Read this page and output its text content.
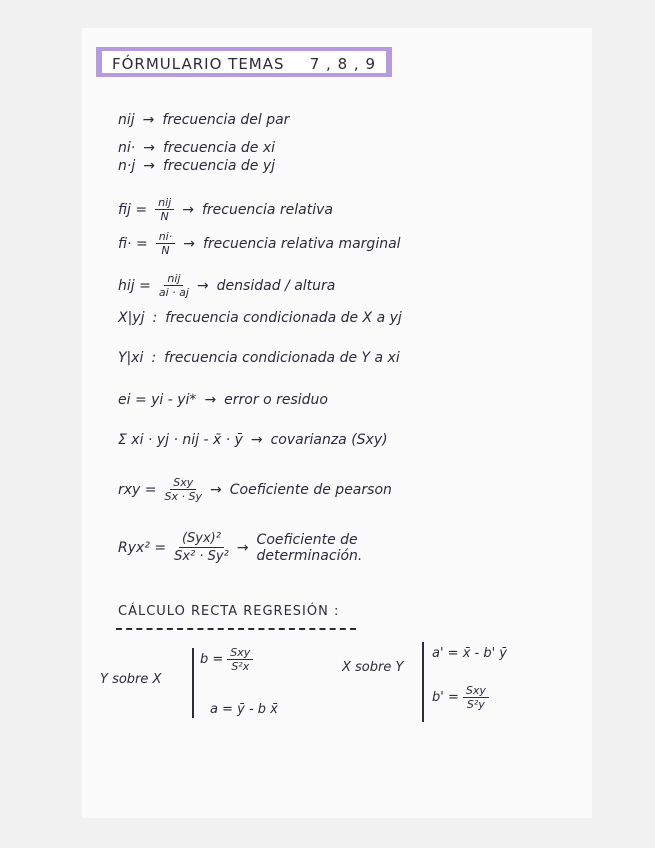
FÓRMULARIO TEMAS 7 , 8 , 9
nij → frecuencia del par
ni· → frecuencia de xi
n·j → frecuencia de yj
fij = $\frac{\text{nij}}{N}$ → frecuencia relativa
$fi\cdot = \frac{ni\cdot}{N}$ → frecuencia relativa marginal
hij = $\frac{\text{nij}}{ai \cdot aj}$ → densidad / altura
X|yj : frecuencia condicionada de X a yj
Y|xi : frecuencia condicionada de Y a xi
ei = yi - yi* → error o residuo
Σ xi · yj · nij - x̄ · ȳ → covarianza (Sxy)
rxy = $\frac{\text{Sxy}}{Sx \cdot Sy}$ → Coeficiente de pearson
$Ryx^2 = \frac{\text{(Syx)²}}{\text{Sx² · Sy²}}$ → Coeficiente de
determinación.
CÁLCULO RECTA REGRESIÓN :
Y sobre X
$b = \frac{\text{Sxy}}{\text{S²x}}$
a = ȳ - b x̄
X sobre Y
a' = x̄ - b' ȳ
$b' = \frac{\text{Sxy}}{\text{S²y}}$
